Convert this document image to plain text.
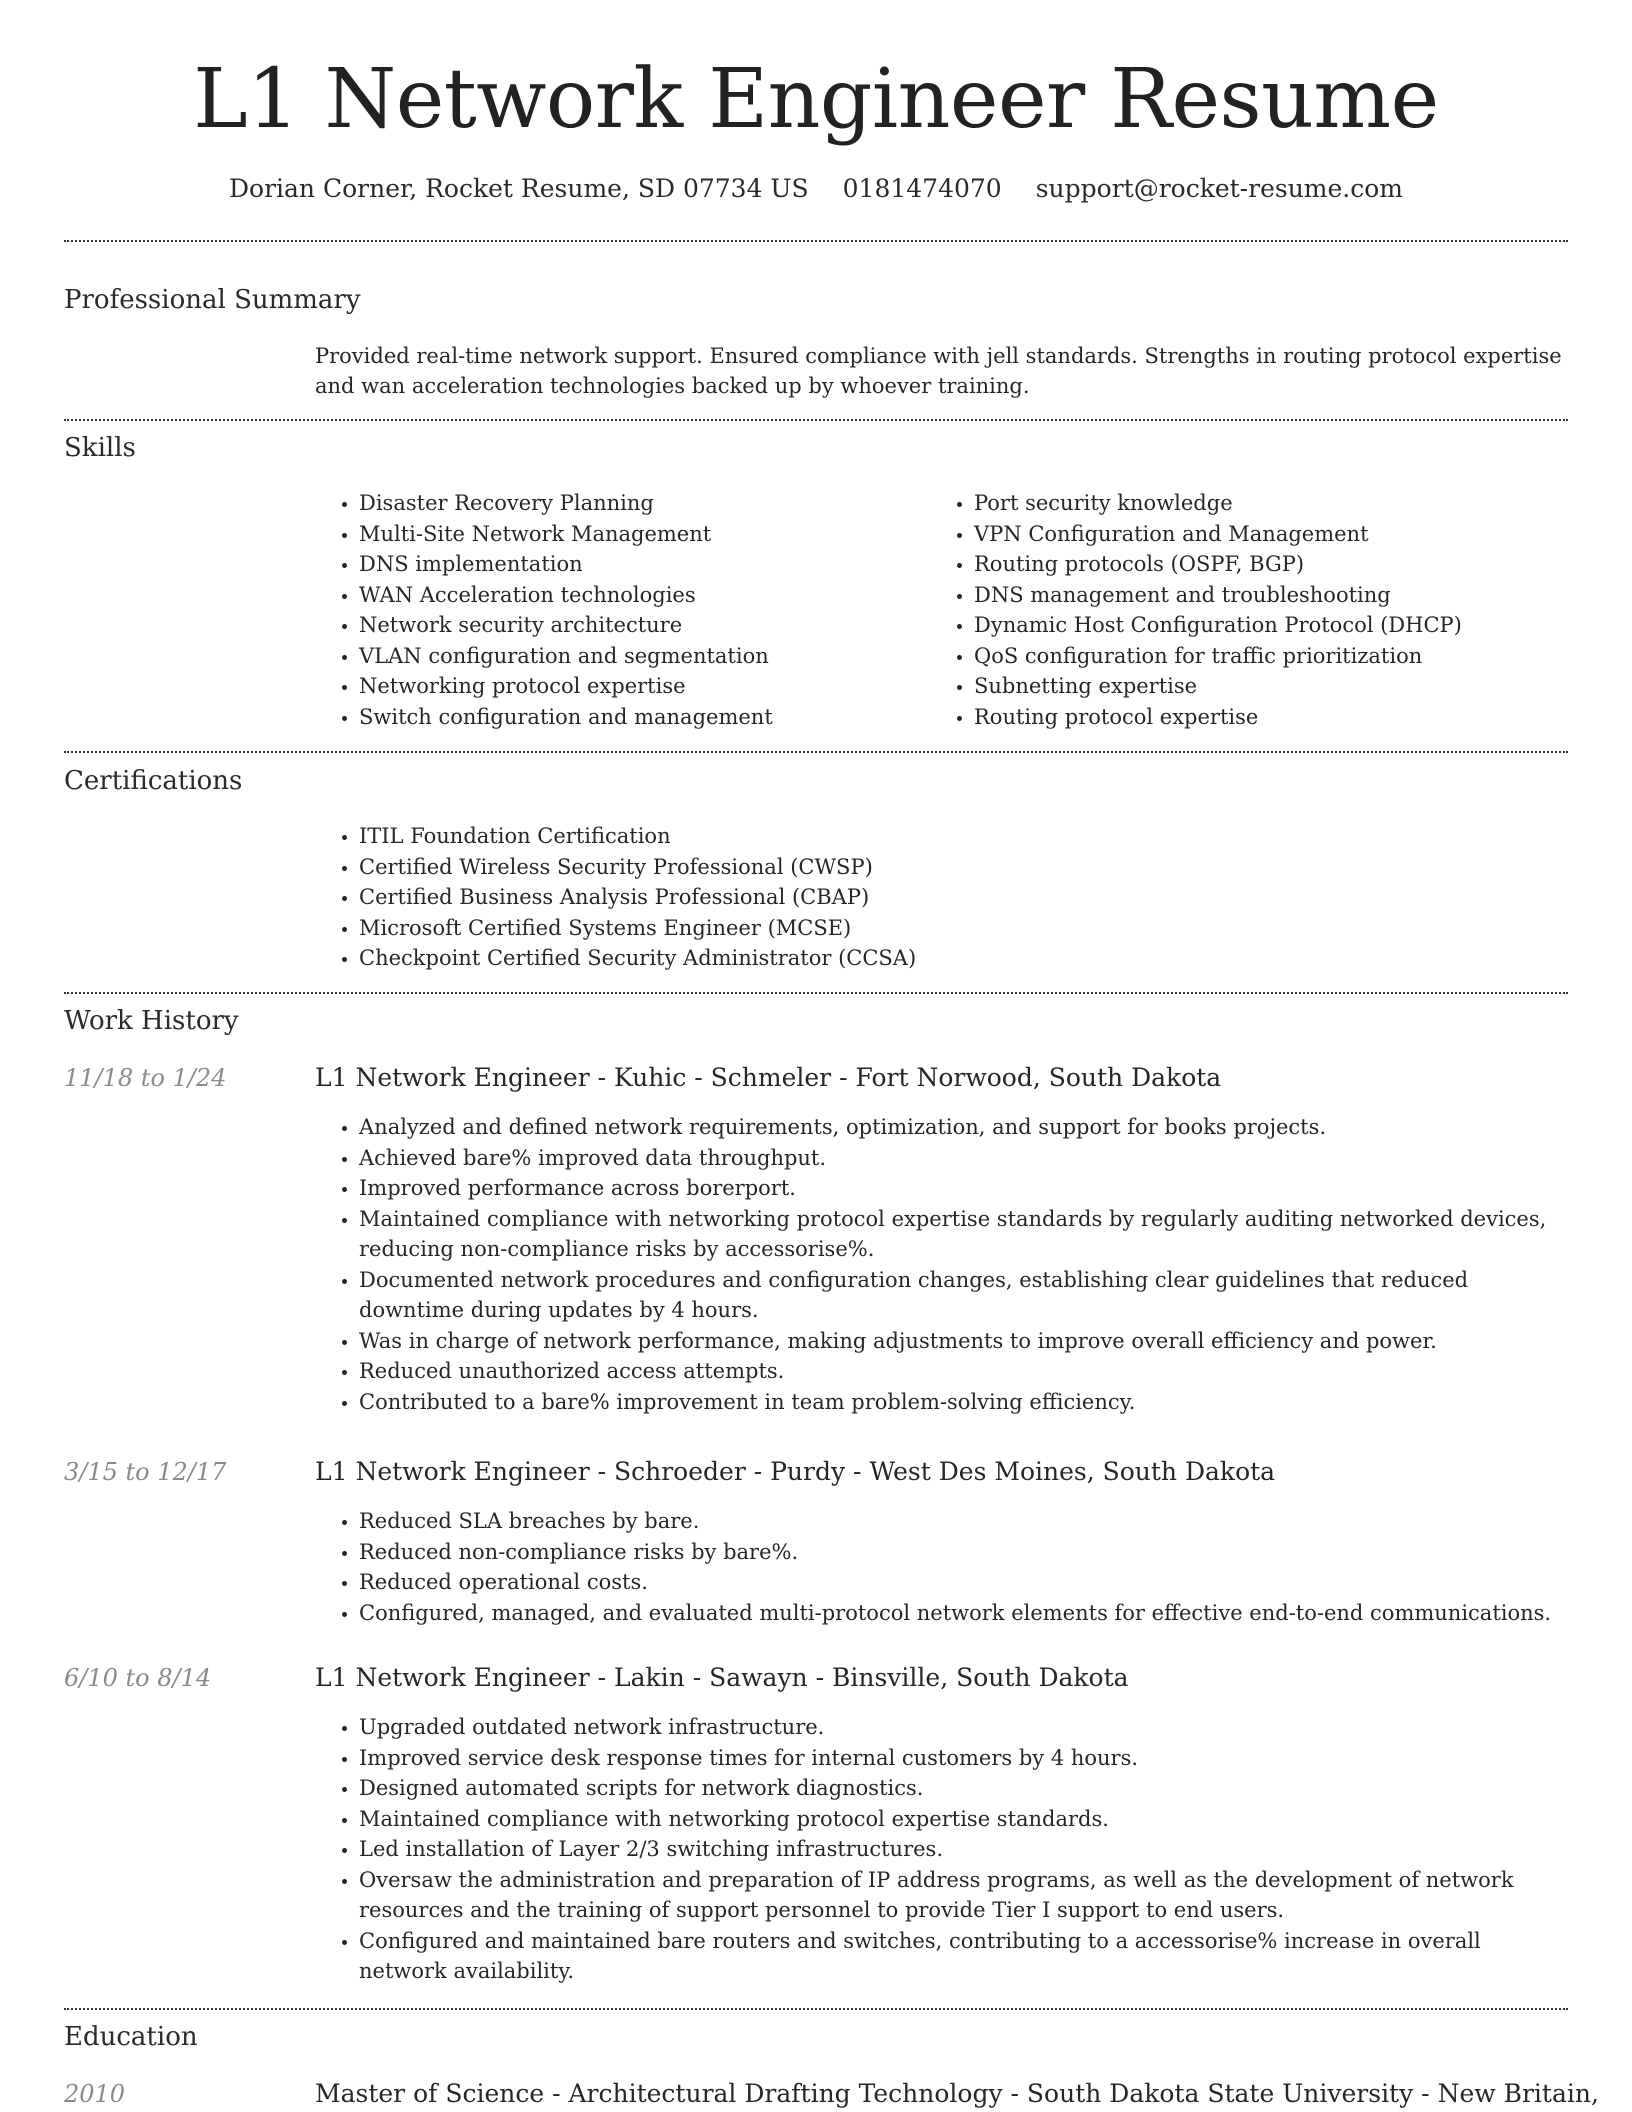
L1 Network Engineer Resume
Dorian Corner, Rocket Resume, SD 07734 US 0181474070 support@rocket-resume.com
Professional Summary
Provided real-time network support. Ensured compliance with jell standards. Strengths in routing protocol expertise and wan acceleration technologies backed up by whoever training.
Skills
• Disaster Recovery Planning
• Multi-Site Network Management
• DNS implementation
• WAN Acceleration technologies
• Network security architecture
• VLAN configuration and segmentation
• Networking protocol expertise
• Switch configuration and management
• Port security knowledge
• VPN Configuration and Management
• Routing protocols (OSPF, BGP)
• DNS management and troubleshooting
• Dynamic Host Configuration Protocol (DHCP)
• QoS configuration for traffic prioritization
• Subnetting expertise
• Routing protocol expertise
Certifications
• ITIL Foundation Certification
• Certified Wireless Security Professional (CWSP)
• Certified Business Analysis Professional (CBAP)
• Microsoft Certified Systems Engineer (MCSE)
• Checkpoint Certified Security Administrator (CCSA)
Work History
11/18 to 1/24	L1 Network Engineer - Kuhic - Schmeler - Fort Norwood, South Dakota
• Analyzed and defined network requirements, optimization, and support for books projects.
• Achieved bare% improved data throughput.
• Improved performance across borerport.
• Maintained compliance with networking protocol expertise standards by regularly auditing networked devices, reducing non-compliance risks by accessorise%.
• Documented network procedures and configuration changes, establishing clear guidelines that reduced downtime during updates by 4 hours.
• Was in charge of network performance, making adjustments to improve overall efficiency and power.
• Reduced unauthorized access attempts.
• Contributed to a bare% improvement in team problem-solving efficiency.
3/15 to 12/17	L1 Network Engineer - Schroeder - Purdy - West Des Moines, South Dakota
• Reduced SLA breaches by bare.
• Reduced non-compliance risks by bare%.
• Reduced operational costs.
• Configured, managed, and evaluated multi-protocol network elements for effective end-to-end communications.
6/10 to 8/14	L1 Network Engineer - Lakin - Sawayn - Binsville, South Dakota
• Upgraded outdated network infrastructure.
• Improved service desk response times for internal customers by 4 hours.
• Designed automated scripts for network diagnostics.
• Maintained compliance with networking protocol expertise standards.
• Led installation of Layer 2/3 switching infrastructures.
• Oversaw the administration and preparation of IP address programs, as well as the development of network resources and the training of support personnel to provide Tier I support to end users.
• Configured and maintained bare routers and switches, contributing to a accessorise% increase in overall network availability.
Education
2010	Master of Science - Architectural Drafting Technology - South Dakota State University - New Britain,
